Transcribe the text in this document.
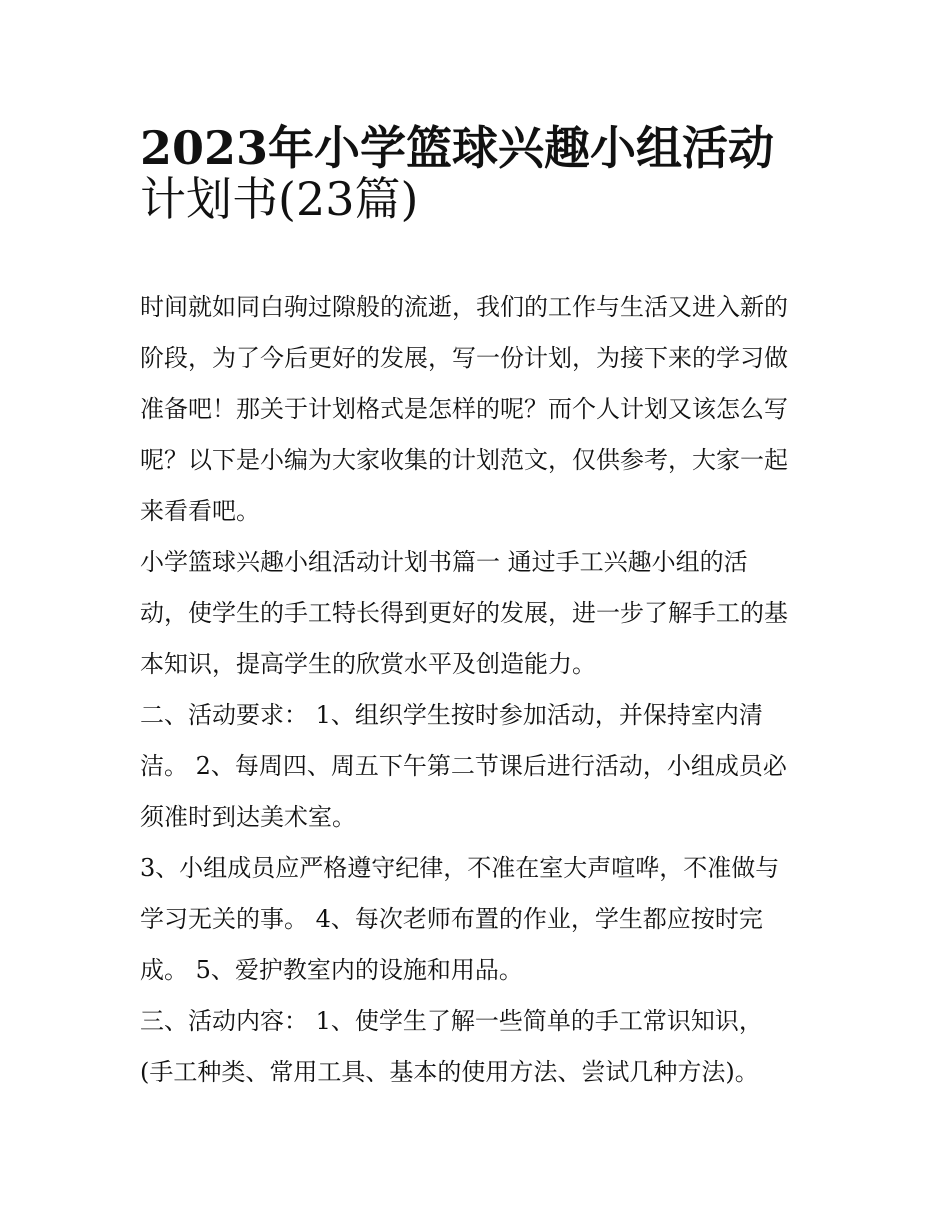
2023年小学篮球兴趣小组活动
计划书(23篇)

时间就如同白驹过隙般的流逝，我们的工作与生活又进入新的
阶段，为了今后更好的发展，写一份计划，为接下来的学习做
准备吧！那关于计划格式是怎样的呢？而个人计划又该怎么写
呢？以下是小编为大家收集的计划范文，仅供参考，大家一起
来看看吧。

小学篮球兴趣小组活动计划书篇一 通过手工兴趣小组的活
动，使学生的手工特长得到更好的发展，进一步了解手工的基
本知识，提高学生的欣赏水平及创造能力。

二、活动要求： 1、组织学生按时参加活动，并保持室内清
洁。 2、每周四、周五下午第二节课后进行活动，小组成员必
须准时到达美术室。

3、小组成员应严格遵守纪律，不准在室大声喧哗，不准做与
学习无关的事。 4、每次老师布置的作业，学生都应按时完
成。 5、爱护教室内的设施和用品。

三、活动内容： 1、使学生了解一些简单的手工常识知识，
(手工种类、常用工具、基本的使用方法、尝试几种方法)。
